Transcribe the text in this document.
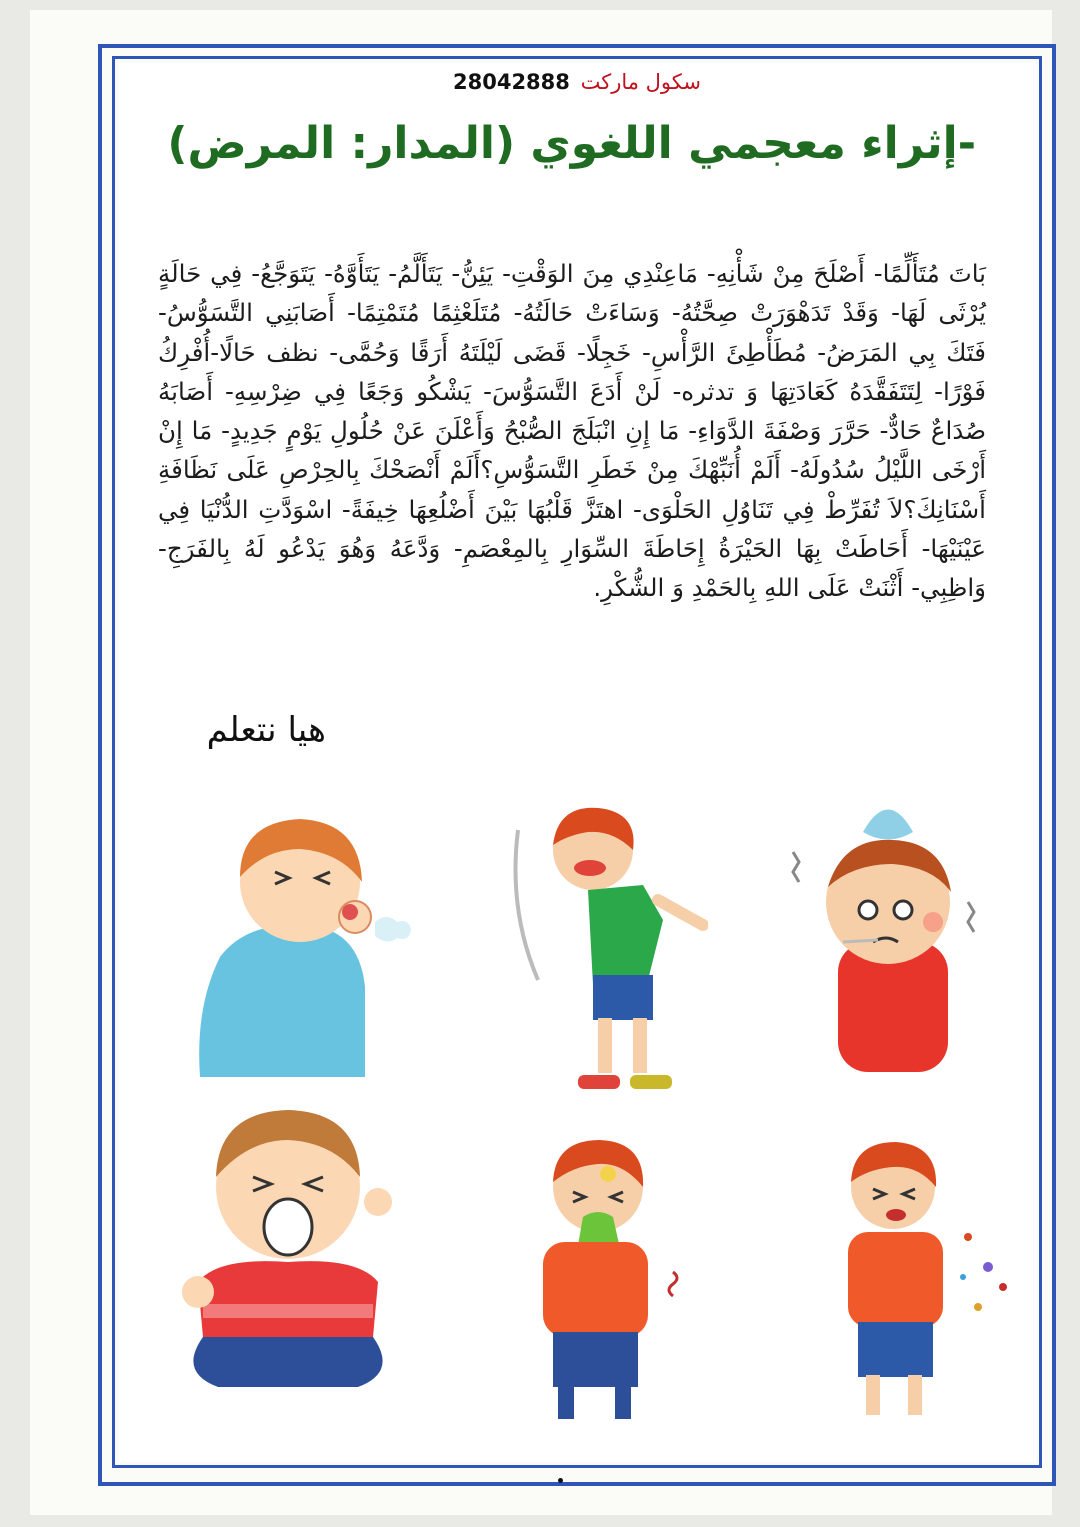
سكول ماركت 28042888
-إثراء معجمي اللغوي (المدار: المرض)
بَاتَ مُتَأَلِّمًا- أَصْلَحَ مِنْ شَأْنِهِ- مَاعِنْدِي مِنَ الوَقْتِ- يَئِنُّ- يَتَأَلَّمُ- يَتَأَوَّهُ- يَتَوَجَّعُ- فِي حَالَةٍ يُرْثَى لَهَا- وَقَدْ تَدَهْوَرَتْ صِحَّتُهُ- وَسَاءَتْ حَالَتُهُ- مُتَلَعْثِمًا مُتَمْتِمًا- أَصَابَنِي التَّسَوُّسُ- فَتَكَ بِي المَرَضُ- مُطَأْطِئَ الرَّأْسِ- خَجِلًا- قَضَى لَيْلَتَهُ أَرَقًا وَحُمَّى- نظف حَالًا-أُفْرِكُ فَوْرًا- لِتَتَفَقَّدَهُ كَعَادَتِهَا وَ تدثره- لَنْ أَدَعَ التَّسَوُّسَ- يَشْكُو وَجَعًا فِي ضِرْسِهِ- أَصَابَهُ صُدَاعٌ حَادٌّ- حَرَّرَ وَصْفَةَ الدَّوَاءِ- مَا إِنِ انْبَلَجَ الصُّبْحُ وَأَعْلَنَ عَنْ حُلُولِ يَوْمٍ جَدِيدٍ- مَا إِنْ أَرْخَى اللَّيْلُ سُدُولَهُ- أَلَمْ أُنَبِّهْكَ مِنْ خَطَرِ التَّسَوُّسِ؟أَلَمْ أَنْصَحْكَ بِالحِرْصِ عَلَى نَظَافَةِ أَسْنَانِكَ؟لاَ تُفَرِّطْ فِي تَنَاوُلِ الحَلْوَى- اهتَزَّ قَلْبُهَا بَيْنَ أَضْلُعِهَا خِيفَةً- اسْوَدَّتِ الدُّنْيَا فِي عَيْنَيْهَا- أَحَاطَتْ بِهَا الحَيْرَةُ إِحَاطَةَ السِّوَارِ بِالمِعْصَمِ- وَدَّعَهُ وَهُوَ يَدْعُو لَهُ بِالفَرَجِ- وَاظِبِي- أَثْنَتْ عَلَى اللهِ بِالحَمْدِ وَ الشُّكْرِ.
هيا نتعلم
